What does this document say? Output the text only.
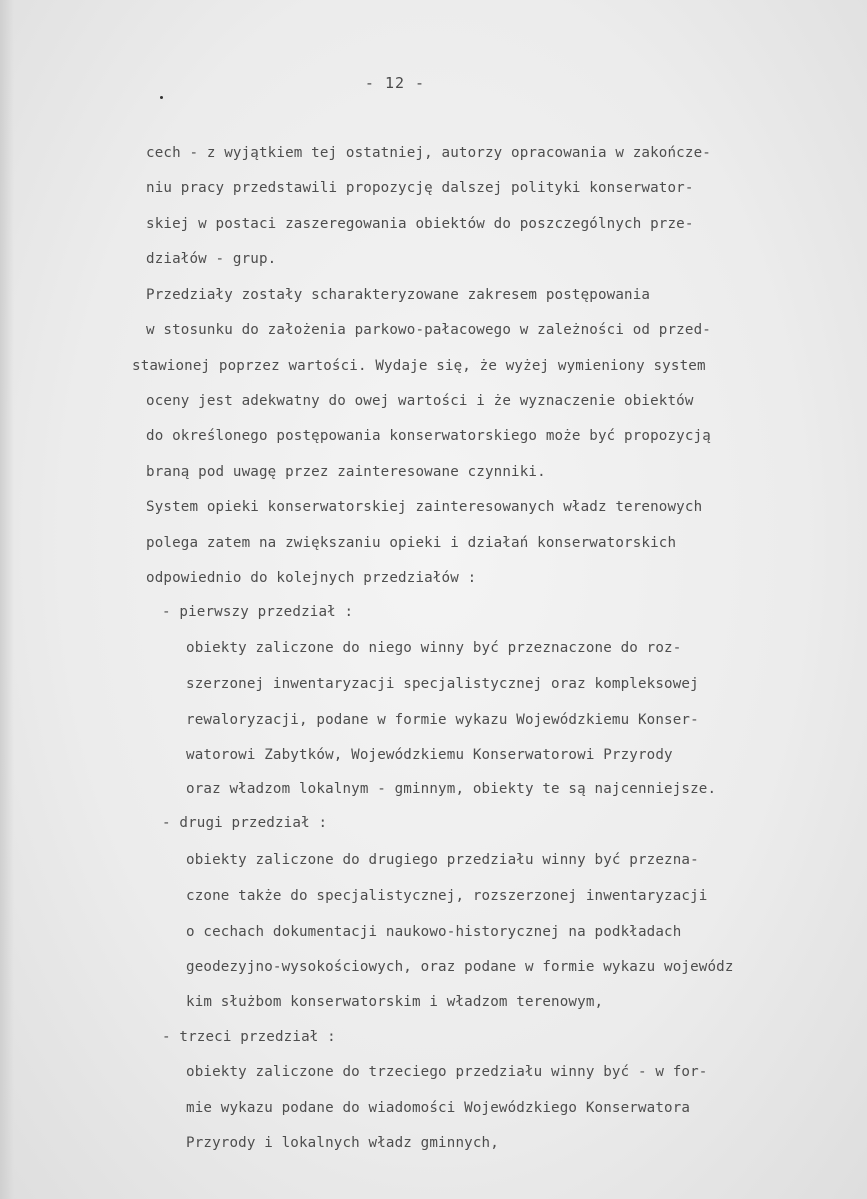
- 12 -

cech - z wyjątkiem tej ostatniej, autorzy opracowania w zakończe-

niu pracy przedstawili propozycję dalszej polityki konserwator-

skiej w postaci zaszeregowania obiektów do poszczególnych prze-

działów - grup.

Przedziały zostały scharakteryzowane zakresem postępowania

w stosunku do założenia parkowo-pałacowego w zależności od przed-

stawionej poprzez wartości. Wydaje się, że wyżej wymieniony system

oceny jest adekwatny do owej wartości i że wyznaczenie obiektów

do określonego postępowania konserwatorskiego może być propozycją

braną pod uwagę przez zainteresowane czynniki.

System opieki konserwatorskiej zainteresowanych władz terenowych

polega zatem na zwiększaniu opieki i działań konserwatorskich

odpowiednio do kolejnych przedziałów :

- pierwszy przedział :

obiekty zaliczone do niego winny być przeznaczone do roz-

szerzonej inwentaryzacji specjalistycznej oraz kompleksowej

rewaloryzacji, podane w formie wykazu Wojewódzkiemu Konser-

watorowi Zabytków, Wojewódzkiemu Konserwatorowi Przyrody

oraz władzom lokalnym - gminnym, obiekty te są najcenniejsze.

- drugi przedział :

obiekty zaliczone do drugiego przedziału winny być przezna-

czone także do specjalistycznej, rozszerzonej inwentaryzacji

o cechach dokumentacji naukowo-historycznej na podkładach

geodezyjno-wysokościowych, oraz podane w formie wykazu wojewódz

kim służbom konserwatorskim i władzom terenowym,

- trzeci przedział :

obiekty zaliczone do trzeciego przedziału winny być - w for-

mie wykazu podane do wiadomości Wojewódzkiego Konserwatora

Przyrody i lokalnych władz gminnych,
